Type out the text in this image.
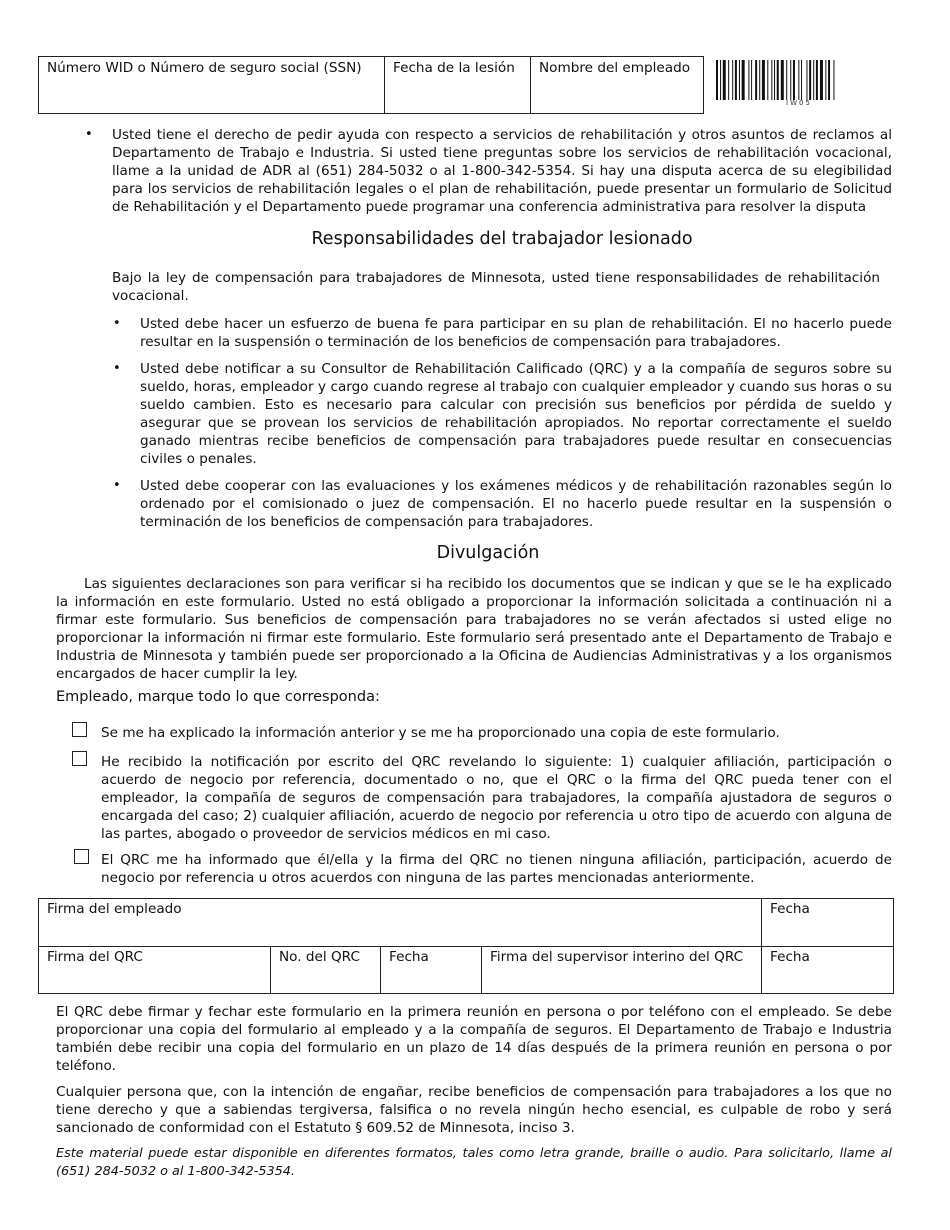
Número WID o Número de seguro social (SSN)	Fecha de la lesión	Nombre del empleado
IW05
• Usted tiene el derecho de pedir ayuda con respecto a servicios de rehabilitación y otros asuntos de reclamos al Departamento de Trabajo e Industria. Si usted tiene preguntas sobre los servicios de rehabilitación vocacional, llame a la unidad de ADR al (651) 284-5032 o al 1-800-342-5354. Si hay una disputa acerca de su elegibilidad para los servicios de rehabilitación legales o el plan de rehabilitación, puede presentar un formulario de Solicitud de Rehabilitación y el Departamento puede programar una conferencia administrativa para resolver la disputa

Responsabilidades del trabajador lesionado

Bajo la ley de compensación para trabajadores de Minnesota, usted tiene responsabilidades de rehabilitación vocacional.

• Usted debe hacer un esfuerzo de buena fe para participar en su plan de rehabilitación. El no hacerlo puede resultar en la suspensión o terminación de los beneficios de compensación para trabajadores.

• Usted debe notificar a su Consultor de Rehabilitación Calificado (QRC) y a la compañía de seguros sobre su sueldo, horas, empleador y cargo cuando regrese al trabajo con cualquier empleador y cuando sus horas o su sueldo cambien. Esto es necesario para calcular con precisión sus beneficios por pérdida de sueldo y asegurar que se provean los servicios de rehabilitación apropiados. No reportar correctamente el sueldo ganado mientras recibe beneficios de compensación para trabajadores puede resultar en consecuencias civiles o penales.

• Usted debe cooperar con las evaluaciones y los exámenes médicos y de rehabilitación razonables según lo ordenado por el comisionado o juez de compensación. El no hacerlo puede resultar en la suspensión o terminación de los beneficios de compensación para trabajadores.

Divulgación

Las siguientes declaraciones son para verificar si ha recibido los documentos que se indican y que se le ha explicado la información en este formulario. Usted no está obligado a proporcionar la información solicitada a continuación ni a firmar este formulario. Sus beneficios de compensación para trabajadores no se verán afectados si usted elige no proporcionar la información ni firmar este formulario. Este formulario será presentado ante el Departamento de Trabajo e Industria de Minnesota y también puede ser proporcionado a la Oficina de Audiencias Administrativas y a los organismos encargados de hacer cumplir la ley.

Empleado, marque todo lo que corresponda:

Se me ha explicado la información anterior y se me ha proporcionado una copia de este formulario.

He recibido la notificación por escrito del QRC revelando lo siguiente: 1) cualquier afiliación, participación o acuerdo de negocio por referencia, documentado o no, que el QRC o la firma del QRC pueda tener con el empleador, la compañía de seguros de compensación para trabajadores, la compañía ajustadora de seguros o encargada del caso; 2) cualquier afiliación, acuerdo de negocio por referencia u otro tipo de acuerdo con alguna de las partes, abogado o proveedor de servicios médicos en mi caso.

El QRC me ha informado que él/ella y la firma del QRC no tienen ninguna afiliación, participación, acuerdo de negocio por referencia u otros acuerdos con ninguna de las partes mencionadas anteriormente.

Firma del empleado	Fecha
Firma del QRC	No. del QRC	Fecha	Firma del supervisor interino del QRC	Fecha

El QRC debe firmar y fechar este formulario en la primera reunión en persona o por teléfono con el empleado. Se debe proporcionar una copia del formulario al empleado y a la compañía de seguros. El Departamento de Trabajo e Industria también debe recibir una copia del formulario en un plazo de 14 días después de la primera reunión en persona o por teléfono.

Cualquier persona que, con la intención de engañar, recibe beneficios de compensación para trabajadores a los que no tiene derecho y que a sabiendas tergiversa, falsifica o no revela ningún hecho esencial, es culpable de robo y será sancionado de conformidad con el Estatuto § 609.52 de Minnesota, inciso 3.

Este material puede estar disponible en diferentes formatos, tales como letra grande, braille o audio. Para solicitarlo, llame al (651) 284-5032 o al 1-800-342-5354.
